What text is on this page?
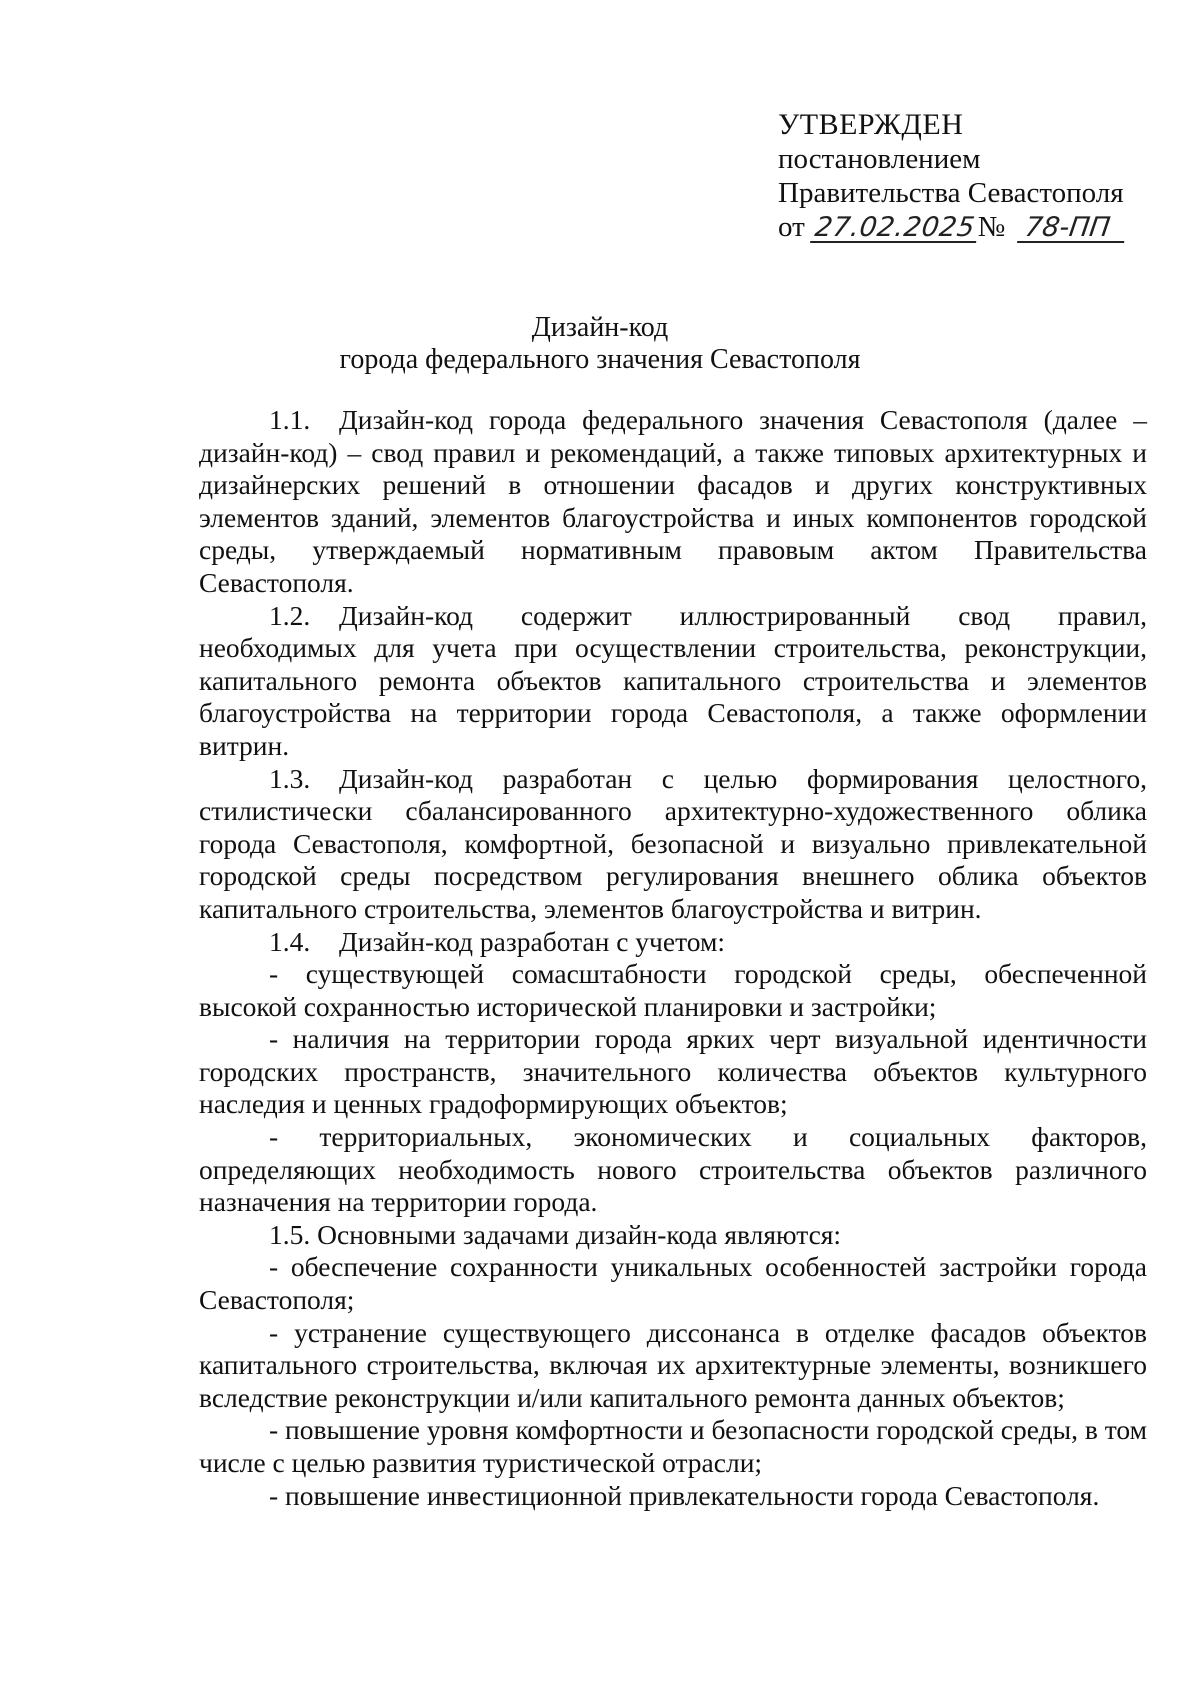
УТВЕРЖДЕН
постановлением
Правительства Севастополя
от 27.02.2025№ 78-ПП
Дизайн-код
города федерального значения Севастополя

1.1. Дизайн-код города федерального значения Севастополя (далее – дизайн-код) – свод правил и рекомендаций, а также типовых архитектурных и дизайнерских решений в отношении фасадов и других конструктивных элементов зданий, элементов благоустройства и иных компонентов городской среды, утверждаемый нормативным правовым актом Правительства Севастополя.

1.2. Дизайн-код содержит иллюстрированный свод правил, необходимых для учета при осуществлении строительства, реконструкции, капитального ремонта объектов капитального строительства и элементов благоустройства на территории города Севастополя, а также оформлении витрин.

1.3. Дизайн-код разработан с целью формирования целостного, стилистически сбалансированного архитектурно-художественного облика города Севастополя, комфортной, безопасной и визуально привлекательной городской среды посредством регулирования внешнего облика объектов капитального строительства, элементов благоустройства и витрин.

1.4. Дизайн-код разработан с учетом:

- существующей сомасштабности городской среды, обеспеченной высокой сохранностью исторической планировки и застройки;

- наличия на территории города ярких черт визуальной идентичности городских пространств, значительного количества объектов культурного наследия и ценных градоформирующих объектов;

- территориальных, экономических и социальных факторов, определяющих необходимость нового строительства объектов различного назначения на территории города.

1.5. Основными задачами дизайн-кода являются:

- обеспечение сохранности уникальных особенностей застройки города Севастополя;

- устранение существующего диссонанса в отделке фасадов объектов капитального строительства, включая их архитектурные элементы, возникшего вследствие реконструкции и/или капитального ремонта данных объектов;

- повышение уровня комфортности и безопасности городской среды, в том числе с целью развития туристической отрасли;

- повышение инвестиционной привлекательности города Севастополя.
